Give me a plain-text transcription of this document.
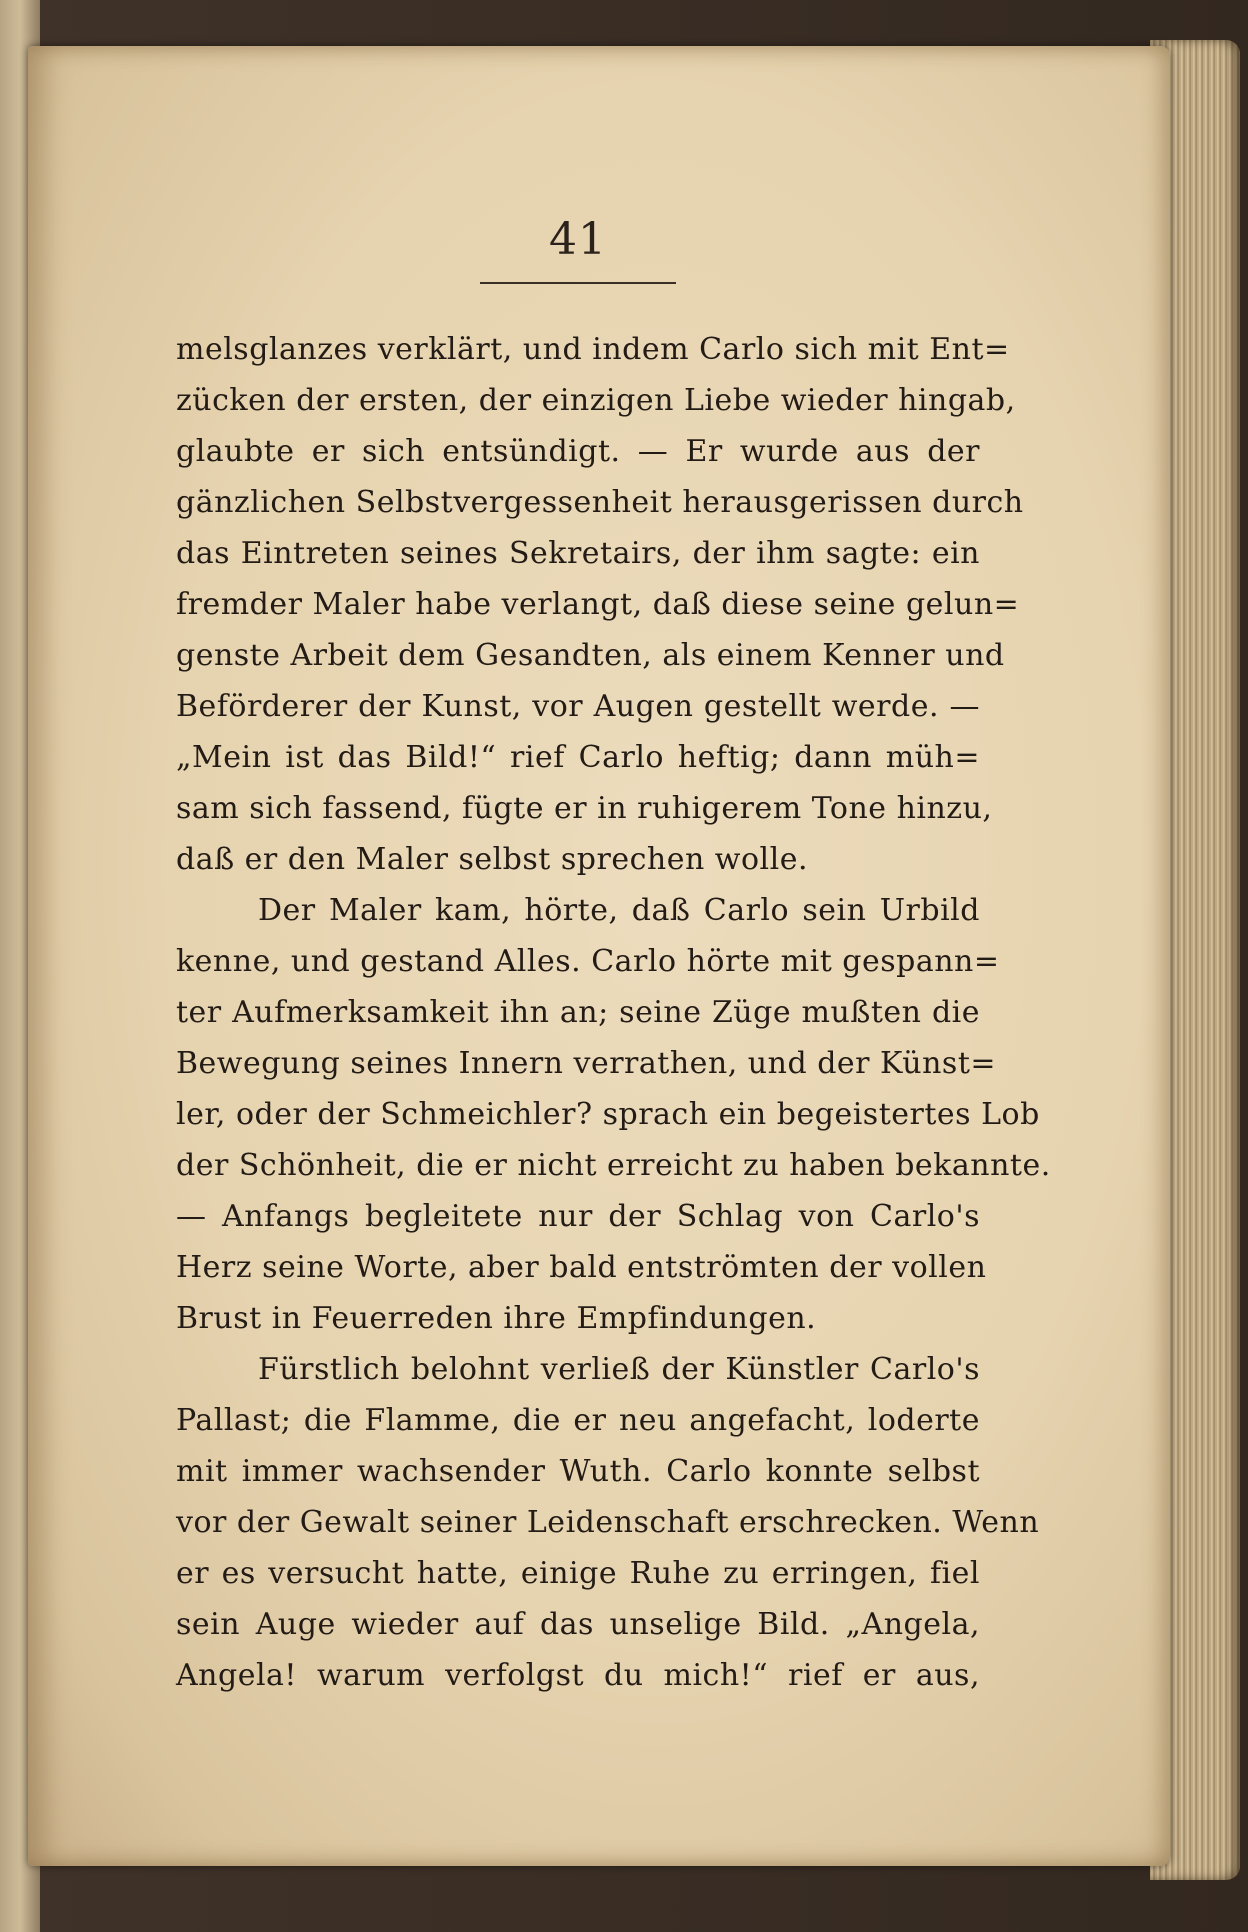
41
melsglanzes verklärt, und indem Carlo sich mit Ent=
zücken der ersten, der einzigen Liebe wieder hingab,
glaubte er sich entsündigt. — Er wurde aus der
gänzlichen Selbstvergessenheit herausgerissen durch
das Eintreten seines Sekretairs, der ihm sagte: ein
fremder Maler habe verlangt, daß diese seine gelun=
genste Arbeit dem Gesandten, als einem Kenner und
Beförderer der Kunst, vor Augen gestellt werde. —
„Mein ist das Bild!“ rief Carlo heftig; dann müh=
sam sich fassend, fügte er in ruhigerem Tone hinzu,
daß er den Maler selbst sprechen wolle.
Der Maler kam, hörte, daß Carlo sein Urbild
kenne, und gestand Alles. Carlo hörte mit gespann=
ter Aufmerksamkeit ihn an; seine Züge mußten die
Bewegung seines Innern verrathen, und der Künst=
ler, oder der Schmeichler? sprach ein begeistertes Lob
der Schönheit, die er nicht erreicht zu haben bekannte.
— Anfangs begleitete nur der Schlag von Carlo's
Herz seine Worte, aber bald entströmten der vollen
Brust in Feuerreden ihre Empfindungen.
Fürstlich belohnt verließ der Künstler Carlo's
Pallast; die Flamme, die er neu angefacht, loderte
mit immer wachsender Wuth. Carlo konnte selbst
vor der Gewalt seiner Leidenschaft erschrecken. Wenn
er es versucht hatte, einige Ruhe zu erringen, fiel
sein Auge wieder auf das unselige Bild. „Angela,
Angela! warum verfolgst du mich!“ rief er aus,
